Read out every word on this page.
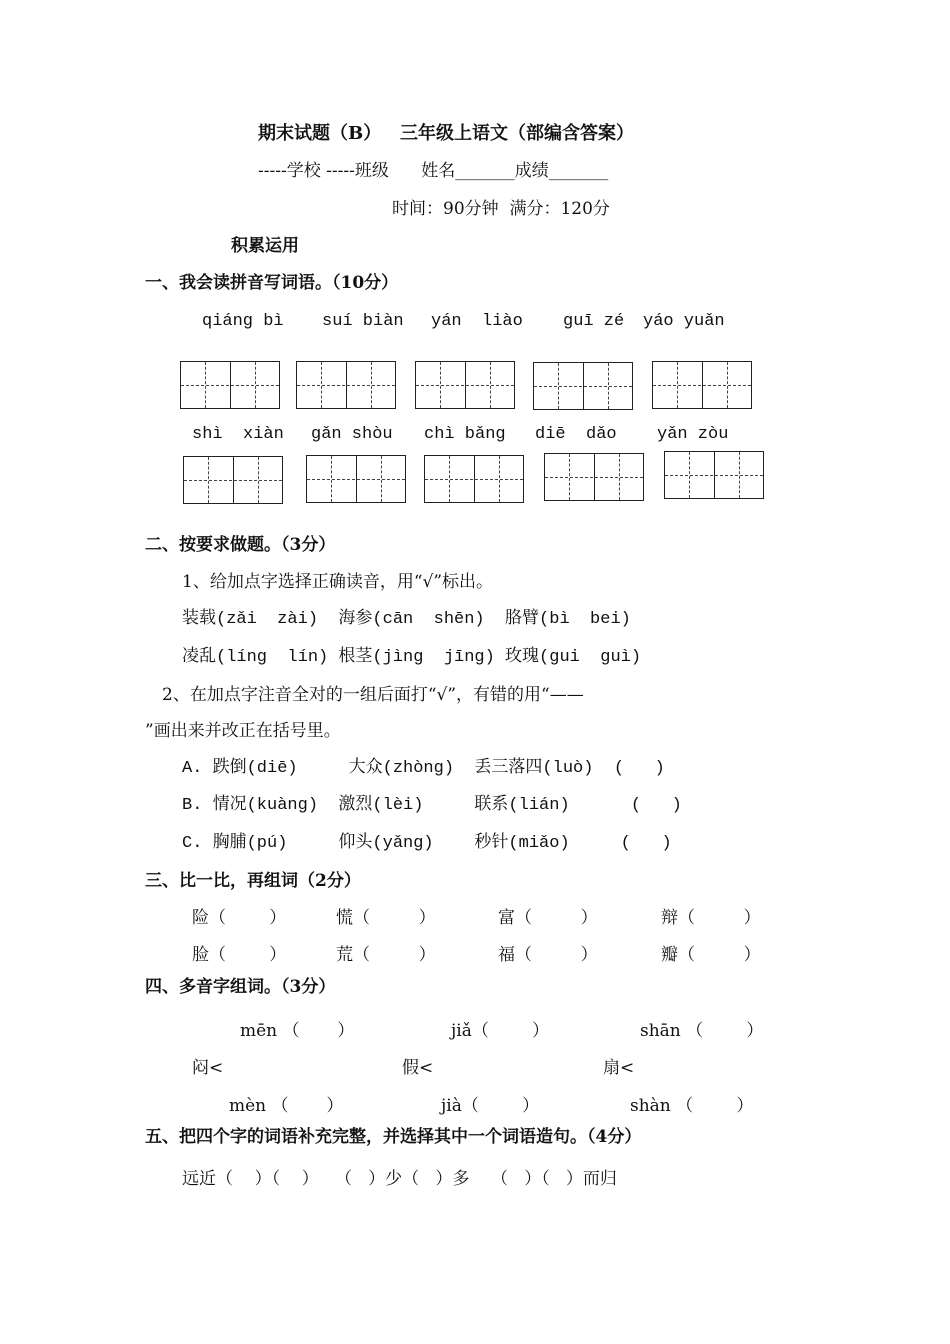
期末试题（B）   三年级上语文（部编含答案）
-----学校 -----班级      姓名_______成绩_______
时间：90分钟  满分：120分
积累运用
一、我会读拼音写词语。（10分）
qiáng bì suí biàn yán  liào guī zé yáo yuǎn
shì  xiàn gǎn shòu chì bǎng diē  dǎo yǎn zòu
二、按要求做题。（3分）
1、给加点字选择正确读音，用“√”标出。
装载(zǎi  zài)  海参(cān  shēn)  胳臂(bì  bei)
凌乱(líng  lín) 根茎(jìng  jīng) 玫瑰(gui  guì)
2、在加点字注音全对的一组后面打“√”，有错的用“——
”画出来并改正在括号里。
A. 跌倒(diē)     大众(zhòng)  丢三落四(luò)  (   )
B. 情况(kuàng)  激烈(lèi)     联系(lián)      (   )
C. 胸脯(pú)     仰头(yǎng)    秒针(miǎo)     (   )
三、比一比，再组词（2分）
险（        ）	慌（         ）	富（         ）	辩（         ）
脸（        ）	荒（         ）	福（         ）	瓣（         ）
四、多音字组词。（3分）
mēn （       ）	jiǎ（        ）	shān （        ）
闷<	假<	扇<
mèn （       ）	jià（        ）	shàn （        ）
五、把四个字的词语补充完整，并选择其中一个词语造句。（4分）
远近（    ）（    ）   （   ）少（   ）多    （   ）（   ）而归
